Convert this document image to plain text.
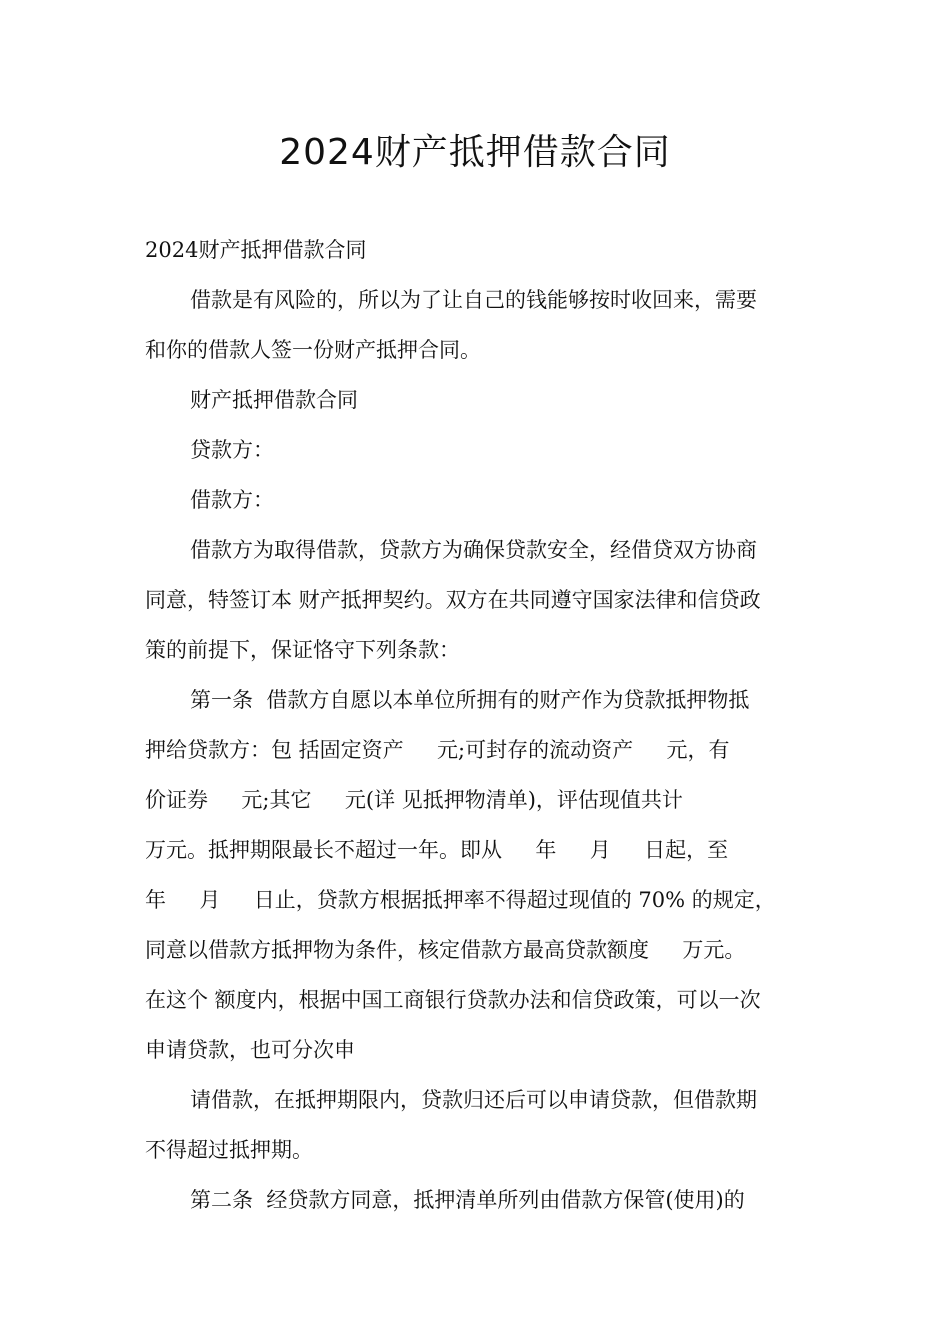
2024财产抵押借款合同

2024财产抵押借款合同

借款是有风险的，所以为了让自己的钱能够按时收回来，需要
和你的借款人签一份财产抵押合同。

财产抵押借款合同

贷款方：

借款方：

借款方为取得借款，贷款方为确保贷款安全，经借贷双方协商
同意，特签订本 财产抵押契约。双方在共同遵守国家法律和信贷政
策的前提下，保证恪守下列条款：

第一条  借款方自愿以本单位所拥有的财产作为贷款抵押物抵
押给贷款方：包 括固定资产     元;可封存的流动资产     元，有
价证券     元;其它     元(详 见抵押物清单)，评估现值共计
万元。抵押期限最长不超过一年。即从     年     月     日起，至
年     月     日止，贷款方根据抵押率不得超过现值的 70% 的规定，
同意以借款方抵押物为条件，核定借款方最高贷款额度     万元。
在这个 额度内，根据中国工商银行贷款办法和信贷政策，可以一次
申请贷款，也可分次申

请借款，在抵押期限内，贷款归还后可以申请贷款，但借款期
不得超过抵押期。

第二条  经贷款方同意，抵押清单所列由借款方保管(使用)的
